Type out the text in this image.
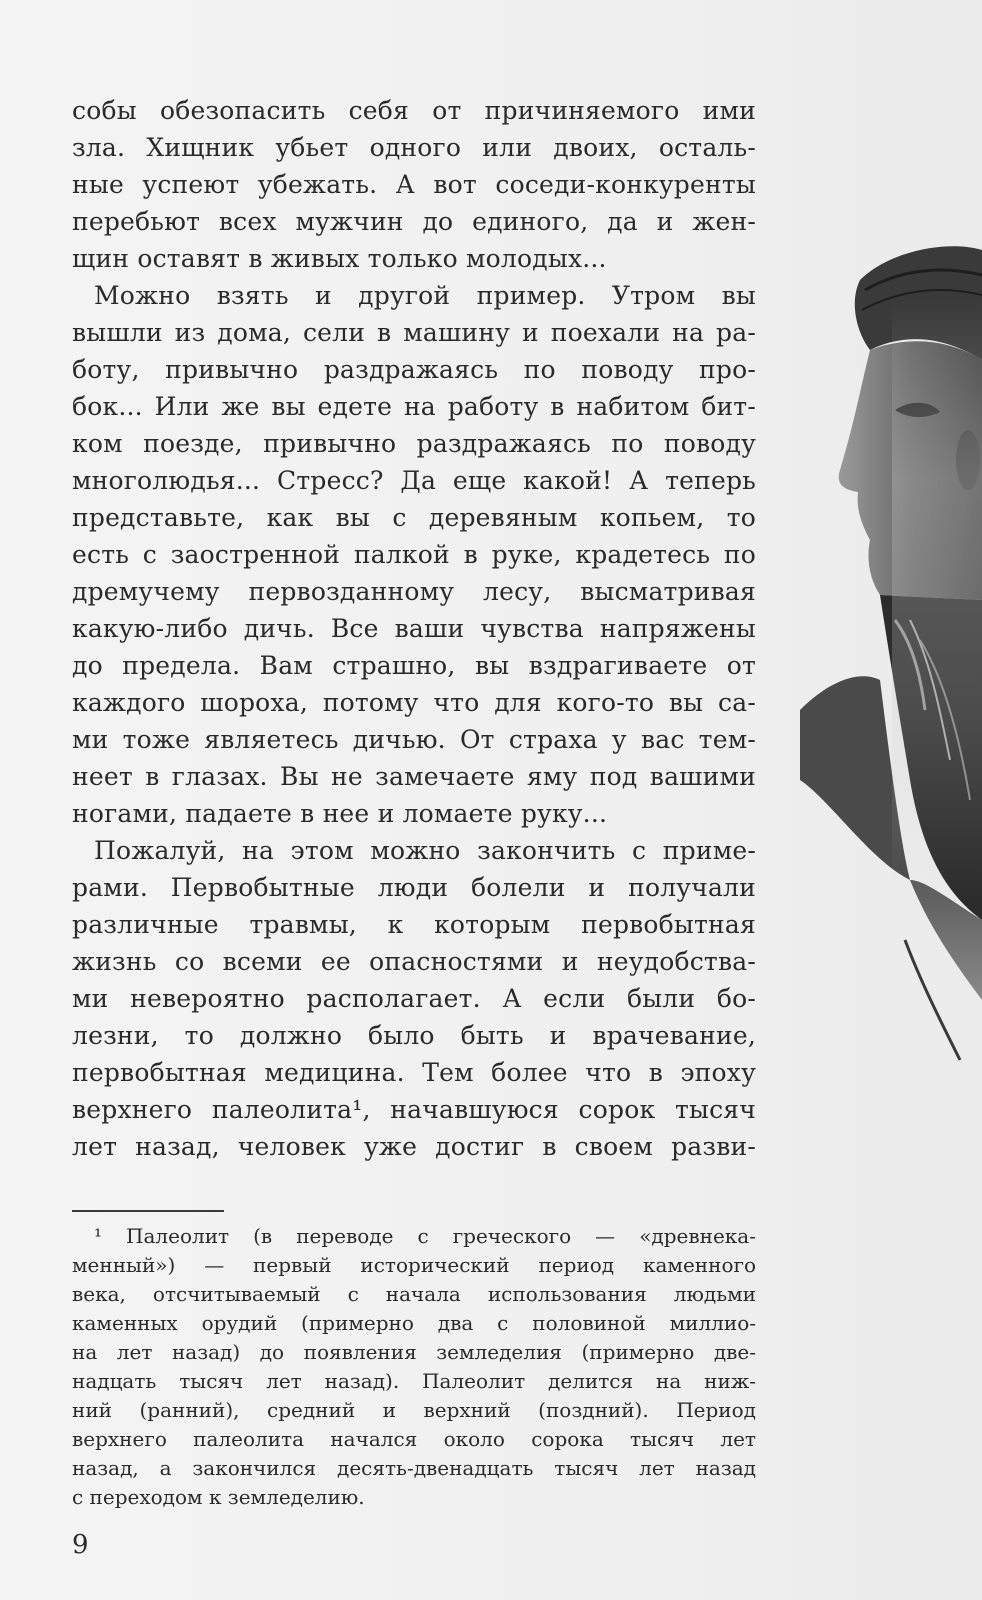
собы обезопасить себя от причиняемого ими
зла. Хищник убьет одного или двоих, осталь-
ные успеют убежать. А вот соседи-конкуренты
перебьют всех мужчин до единого, да и жен-
щин оставят в живых только молодых...
Можно взять и другой пример. Утром вы
вышли из дома, сели в машину и поехали на ра-
боту, привычно раздражаясь по поводу про-
бок... Или же вы едете на работу в набитом бит-
ком поезде, привычно раздражаясь по поводу
многолюдья... Стресс? Да еще какой! А теперь
представьте, как вы с деревяным копьем, то
есть с заостренной палкой в руке, крадетесь по
дремучему первозданному лесу, высматривая
какую-либо дичь. Все ваши чувства напряжены
до предела. Вам страшно, вы вздрагиваете от
каждого шороха, потому что для кого-то вы са-
ми тоже являетесь дичью. От страха у вас тем-
неет в глазах. Вы не замечаете яму под вашими
ногами, падаете в нее и ломаете руку...
Пожалуй, на этом можно закончить с приме-
рами. Первобытные люди болели и получали
различные травмы, к которым первобытная
жизнь со всеми ее опасностями и неудобства-
ми невероятно располагает. А если были бо-
лезни, то должно было быть и врачевание,
первобытная медицина. Тем более что в эпоху
верхнего палеолита¹, начавшуюся сорок тысяч
лет назад, человек уже достиг в своем разви-
¹ Палеолит (в переводе с греческого — «древнека-
менный») — первый исторический период каменного
века, отсчитываемый с начала использования людьми
каменных орудий (примерно два с половиной миллио-
на лет назад) до появления земледелия (примерно две-
надцать тысяч лет назад). Палеолит делится на ниж-
ний (ранний), средний и верхний (поздний). Период
верхнего палеолита начался около сорока тысяч лет
назад, а закончился десять-двенадцать тысяч лет назад
с переходом к земледелию.
9
